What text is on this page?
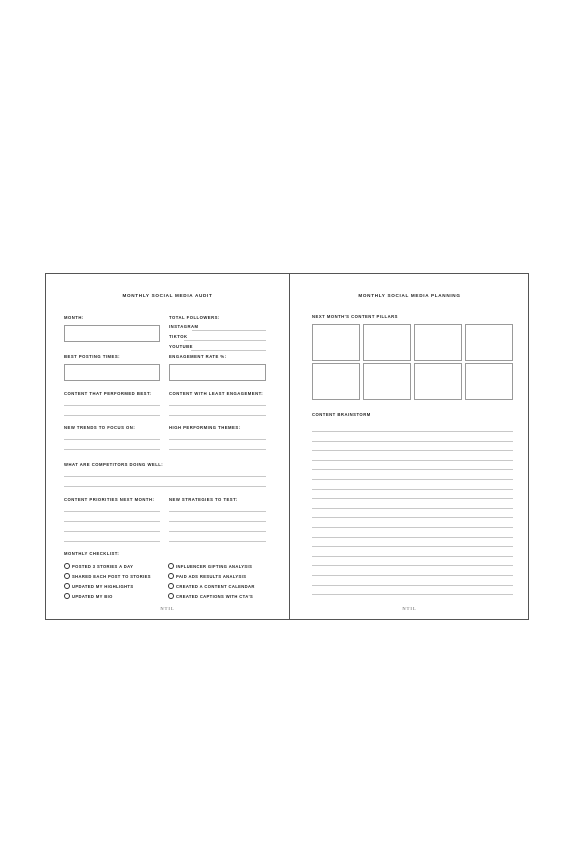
MONTHLY SOCIAL MEDIA AUDIT
MONTH:	TOTAL FOLLOWERS:
INSTAGRAM
TIKTOK
YOUTUBE
BEST POSTING TIMES:	ENGAGEMENT RATE %:
CONTENT THAT PERFORMED BEST:	CONTENT WITH LEAST ENGAGEMENT:
NEW TRENDS TO FOCUS ON:	HIGH PERFORMING THEMES:
WHAT ARE COMPETITORS DOING WELL:
CONTENT PRIORITIES NEXT MONTH:	NEW STRATEGIES TO TEST:
MONTHLY CHECKLIST:
POSTED 3 STORIES A DAY
SHARED EACH POST TO STORIES
UPDATED MY HIGHLIGHTS
UPDATED MY BIO
INFLUENCER GIFTING ANALYSIS
PAID ADS RESULTS ANALYSIS
CREATED A CONTENT CALENDAR
CREATED CAPTIONS WITH CTA'S
NTIL
MONTHLY SOCIAL MEDIA PLANNING
NEXT MONTH'S CONTENT PILLARS
CONTENT BRAINSTORM
NTIL
